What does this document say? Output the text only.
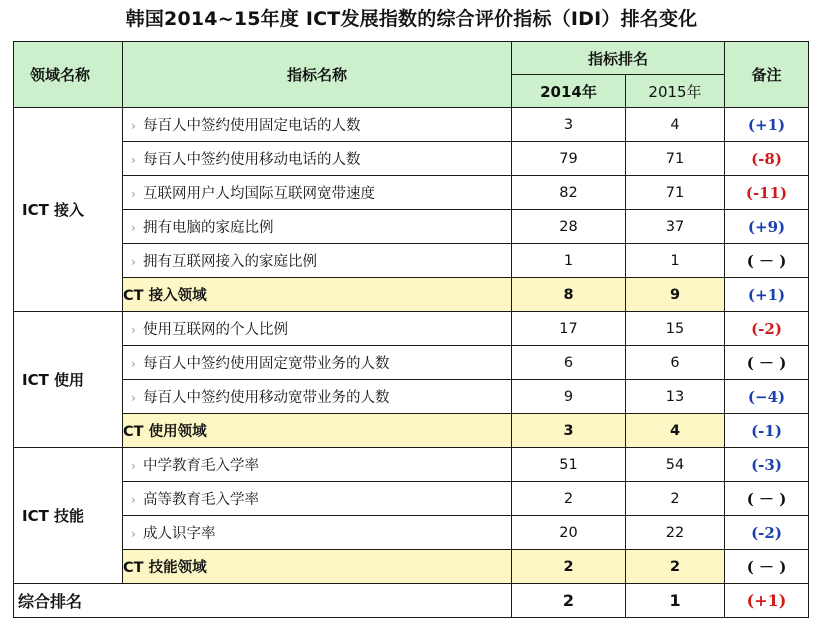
韩国2014~15年度 ICT发展指数的综合评价指标（IDI）排名变化
领域名称	指标名称	指标排名		备注
		2014年	2015年	
ICT 接入	› 每百人中签约使用固定电话的人数	3	4	(+1)
	› 每百人中签约使用移动电话的人数	79	71	(-8)
	› 互联网用户人均国际互联网宽带速度	82	71	(-11)
	› 拥有电脑的家庭比例	28	37	(+9)
	› 拥有互联网接入的家庭比例	1	1	( － )
	CT 接入领域	8	9	(+1)
ICT 使用	› 使用互联网的个人比例	17	15	(-2)
	› 每百人中签约使用固定宽带业务的人数	6	6	( － )
	› 每百人中签约使用移动宽带业务的人数	9	13	(−4)
	CT 使用领域	3	4	(-1)
ICT 技能	› 中学教育毛入学率	51	54	(-3)
	› 高等教育毛入学率	2	2	( － )
	› 成人识字率	20	22	(-2)
	CT 技能领域	2	2	( － )
综合排名		2	1	(+1)
